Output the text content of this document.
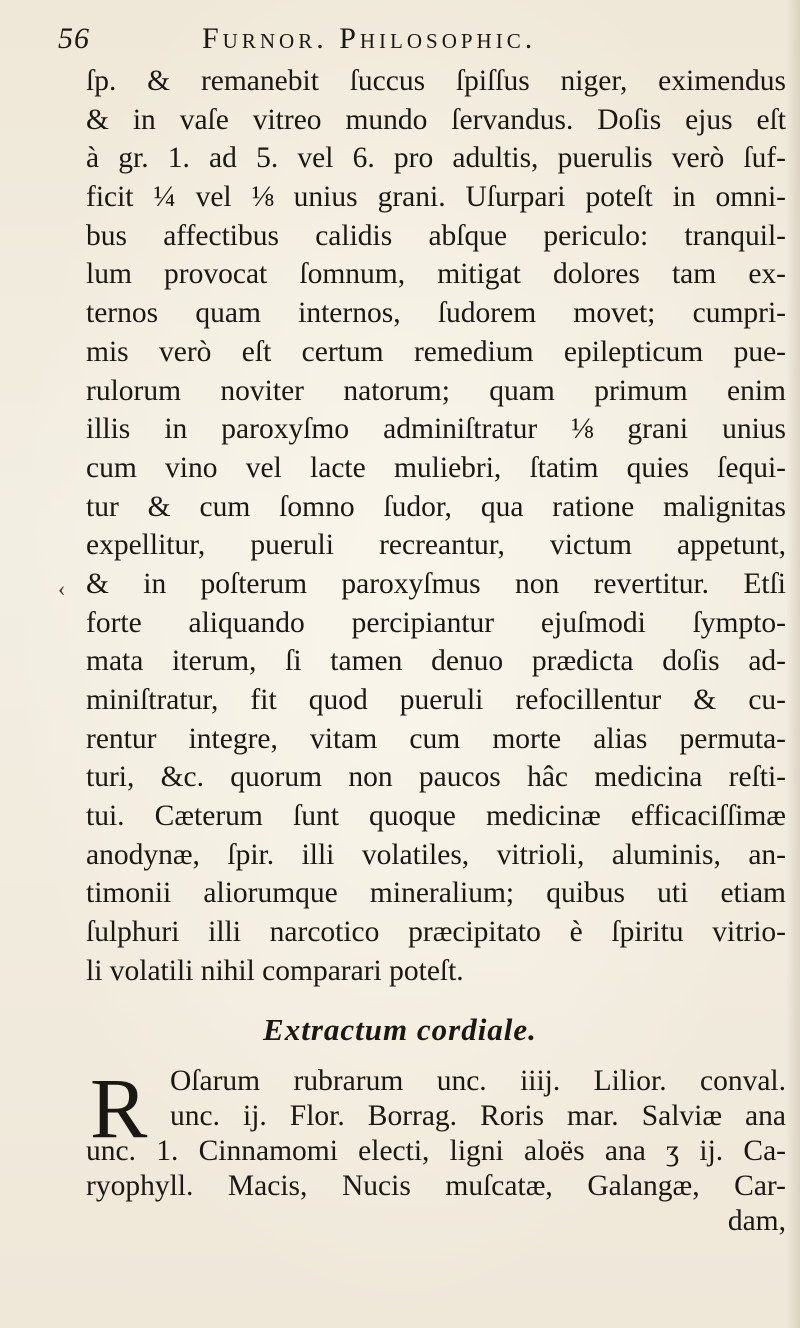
56	Furnor. Philosophic.
‹
ſp. & remanebit ſuccus ſpiſſus niger, eximendus
& in vaſe vitreo mundo ſervandus. Doſis ejus eſt
à gr. 1. ad 5. vel 6. pro adultis, puerulis verò ſuf-
ficit ¼ vel ⅛ unius grani. Uſurpari poteſt in omni-
bus affectibus calidis abſque periculo: tranquil-
lum provocat ſomnum, mitigat dolores tam ex-
ternos quam internos, ſudorem movet; cumpri-
mis verò eſt certum remedium epilepticum pue-
rulorum noviter natorum; quam primum enim
illis in paroxyſmo adminiſtratur ⅛ grani unius
cum vino vel lacte muliebri, ſtatim quies ſequi-
tur & cum ſomno ſudor, qua ratione malignitas
expellitur, pueruli recreantur, victum appetunt,
& in poſterum paroxyſmus non revertitur. Etſi
forte aliquando percipiantur ejuſmodi ſympto-
mata iterum, ſi tamen denuo prædicta doſis ad-
miniſtratur, fit quod pueruli refocillentur & cu-
rentur integre, vitam cum morte alias permuta-
turi, &c. quorum non paucos hâc medicina reſti-
tui. Cæterum ſunt quoque medicinæ efficaciſſimæ
anodynæ, ſpir. illi volatiles, vitrioli, aluminis, an-
timonii aliorumque mineralium; quibus uti etiam
ſulphuri illi narcotico præcipitato è ſpiritu vitrio-
li volatili nihil comparari poteſt.
Extractum cordiale.
R Oſarum rubrarum unc. iiij. Lilior. conval.
unc. ij. Flor. Borrag. Roris mar. Salviæ ana
unc. 1. Cinnamomi electi, ligni aloës ana ʒ ij. Ca-
ryophyll. Macis, Nucis muſcatæ, Galangæ, Car-
dam,
